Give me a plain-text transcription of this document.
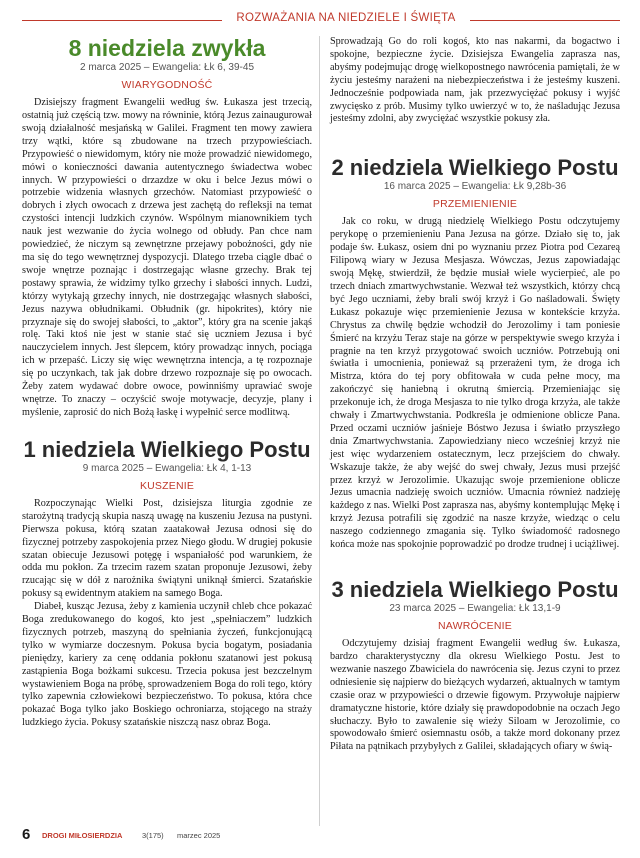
ROZWAŻANIA NA NIEDZIELE I ŚWIĘTA
8 niedziela zwykła
2 marca 2025 – Ewangelia: Łk 6, 39-45
WIARYGODNOŚĆ

Dzisiejszy fragment Ewangelii według św. Łukasza jest trzecią, ostatnią już częścią tzw. mowy na równinie, którą Jezus zainaugurował swoją działalność mesjańską w Galilei. Fragment ten mowy zawiera trzy wątki, które są zbudowane na trzech przypowieściach. Przypowieść o niewidomym, który nie może prowadzić niewidomego, mówi o konieczności dawania autentycznego świadectwa wobec innych. W przypowieści o drzazdze w oku i belce Jezus mówi o potrzebie widzenia własnych grzechów. Natomiast przypowieść o dobrych i złych owocach z drzewa jest zachętą do refleksji na temat czystości intencji ludzkich czynów. Wspólnym mianownikiem tych nauk jest wezwanie do życia wolnego od obłudy. Pan chce nam powiedzieć, że niczym są zewnętrzne przejawy pobożności, gdy nie ma się do tego wewnętrznej dyspozycji. Dlatego trzeba ciągle dbać o swoje wnętrze poznając i dostrzegając własne grzechy. Brak tej postawy sprawia, że widzimy tylko grzechy i słabości innych. Ludzi, którzy wytykają grzechy innych, nie dostrzegając własnych słabości, Jezus nazywa obłudnikami. Obłudnik (gr. hipokrites), który nie przyznaje się do swojej słabości, to „aktor”, który gra na scenie jakąś rolę. Taki ktoś nie jest w stanie stać się uczniem Jezusa i być nauczycielem innych. Jest ślepcem, który prowadząc innych, pociąga ich w przepaść. Liczy się więc wewnętrzna intencja, a tę rozpoznaje się po uczynkach, tak jak dobre drzewo rozpoznaje się po owocach. Żeby zatem wydawać dobre owoce, powinniśmy uprawiać swoje wnętrze. To znaczy – oczyścić swoje motywacje, decyzje, plany i myślenie, zaprosić do nich Bożą łaskę i wypełnić serce modlitwą.

1 niedziela Wielkiego Postu
9 marca 2025 – Ewangelia: Łk 4, 1-13
KUSZENIE

Rozpoczynając Wielki Post, dzisiejsza liturgia zgodnie ze starożytną tradycją skupia naszą uwagę na kuszeniu Jezusa na pustyni. Pierwsza pokusa, którą szatan zaatakował Jezusa odnosi się do fizycznej potrzeby zaspokojenia przez Niego głodu. W drugiej pokusie szatan obiecuje Jezusowi potęgę i wspaniałość pod warunkiem, że odda mu pokłon. Za trzecim razem szatan proponuje Jezusowi, żeby rzucając się w dół z narożnika świątyni uniknął śmierci. Szatańskie pokusy są ewidentnym atakiem na samego Boga.

Diabeł, kusząc Jezusa, żeby z kamienia uczynił chleb chce pokazać Boga zredukowanego do kogoś, kto jest „spełniaczem” ludzkich fizycznych potrzeb, maszyną do spełniania życzeń, funkcjonującą tylko w wymiarze doczesnym. Pokusa bycia bogatym, posiadania pieniędzy, kariery za cenę oddania pokłonu szatanowi jest pokusą zastąpienia Boga bożkami sukcesu. Trzecia pokusa jest bezczelnym wystawieniem Boga na próbę, sprowadzeniem Boga do roli tego, który tylko zapewnia człowiekowi bezpieczeństwo. To pokusa, która chce pokazać Boga tylko jako Boskiego ochroniarza, stojącego na straży ludzkiego życia. Pokusy szatańskie niszczą nasz obraz Boga.

Sprowadzają Go do roli kogoś, kto nas nakarmi, da bogactwo i spokojne, bezpieczne życie. Dzisiejsza Ewangelia zaprasza nas, abyśmy podejmując drogę wielkopostnego nawrócenia pamiętali, że w życiu jesteśmy narażeni na niebezpieczeństwa i że jesteśmy kuszeni. Jednocześnie podpowiada nam, jak przezwyciężać pokusy i wyjść zwycięsko z prób. Musimy tylko uwierzyć w to, że naśladując Jezusa jesteśmy zdolni, aby zwyciężać wszystkie pokusy zła.

2 niedziela Wielkiego Postu
16 marca 2025 – Ewangelia: Łk 9,28b-36
PRZEMIENIENIE

Jak co roku, w drugą niedzielę Wielkiego Postu odczytujemy perykopę o przemienieniu Pana Jezusa na górze. Działo się to, jak podaje św. Łukasz, osiem dni po wyznaniu przez Piotra pod Cezareą Filipową wiary w Jezusa Mesjasza. Wówczas, Jezus zapowiadając swoją Mękę, stwierdził, że będzie musiał wiele wycierpieć, ale po trzech dniach zmartwychwstanie. Wezwał też wszystkich, którzy chcą być Jego uczniami, żeby brali swój krzyż i Go naśladowali. Święty Łukasz pokazuje więc przemienienie Jezusa w kontekście krzyża. Chrystus za chwilę będzie wchodził do Jerozolimy i tam poniesie Śmierć na krzyżu Teraz staje na górze w perspektywie swego krzyża i pragnie na ten krzyż przygotować swoich uczniów. Potrzebują oni światła i umocnienia, ponieważ są przerażeni tym, że droga ich Mistrza, która do tej pory obfitowała w cuda pełne mocy, ma zakończyć się haniebną i okrutną śmiercią. Przemieniając się przekonuje ich, że droga Mesjasza to nie tylko droga krzyża, ale także chwały i Zmartwychwstania. Podkreśla je odmienione oblicze Pana. Przed oczami uczniów jaśnieje Bóstwo Jezusa i światło przyszłego dnia Zmartwychwstania. Zapowiedziany nieco wcześniej krzyż nie jest więc wydarzeniem ostatecznym, lecz przejściem do chwały. Wskazuje także, że aby wejść do swej chwały, Jezus musi przejść przez krzyż w Jerozolimie. Ukazując swoje przemienione oblicze Jezus umacnia nadzieję swoich uczniów. Umacnia również nadzieję każdego z nas. Wielki Post zaprasza nas, abyśmy kontemplując Mękę i krzyż Jezusa potrafili się zgodzić na nasze krzyże, wiedząc o celu naszego codziennego zmagania się. Tylko świadomość radosnego końca może nas spokojnie poprowadzić po drodze trudnej i uciążliwej.

3 niedziela Wielkiego Postu
23 marca 2025 – Ewangelia: Łk 13,1-9
NAWRÓCENIE

Odczytujemy dzisiaj fragment Ewangelii według św. Łukasza, bardzo charakterystyczny dla okresu Wielkiego Postu. Jest to wezwanie naszego Zbawiciela do nawrócenia się. Jezus czyni to przez odniesienie się najpierw do bieżących wydarzeń, aktualnych w tamtym czasie oraz w przypowieści o drzewie figowym. Przywołuje najpierw dramatyczne historie, które działy się prawdopodobnie na oczach Jego słuchaczy. Było to zawalenie się wieży Siloam w Jerozolimie, co spowodowało śmierć osiemnastu osób, a także mord dokonany przez Piłata na pątnikach przybyłych z Galilei, składających ofiary w świą-

6 DROGI MIŁOSIERDZIA	3(175) marzec 2025
